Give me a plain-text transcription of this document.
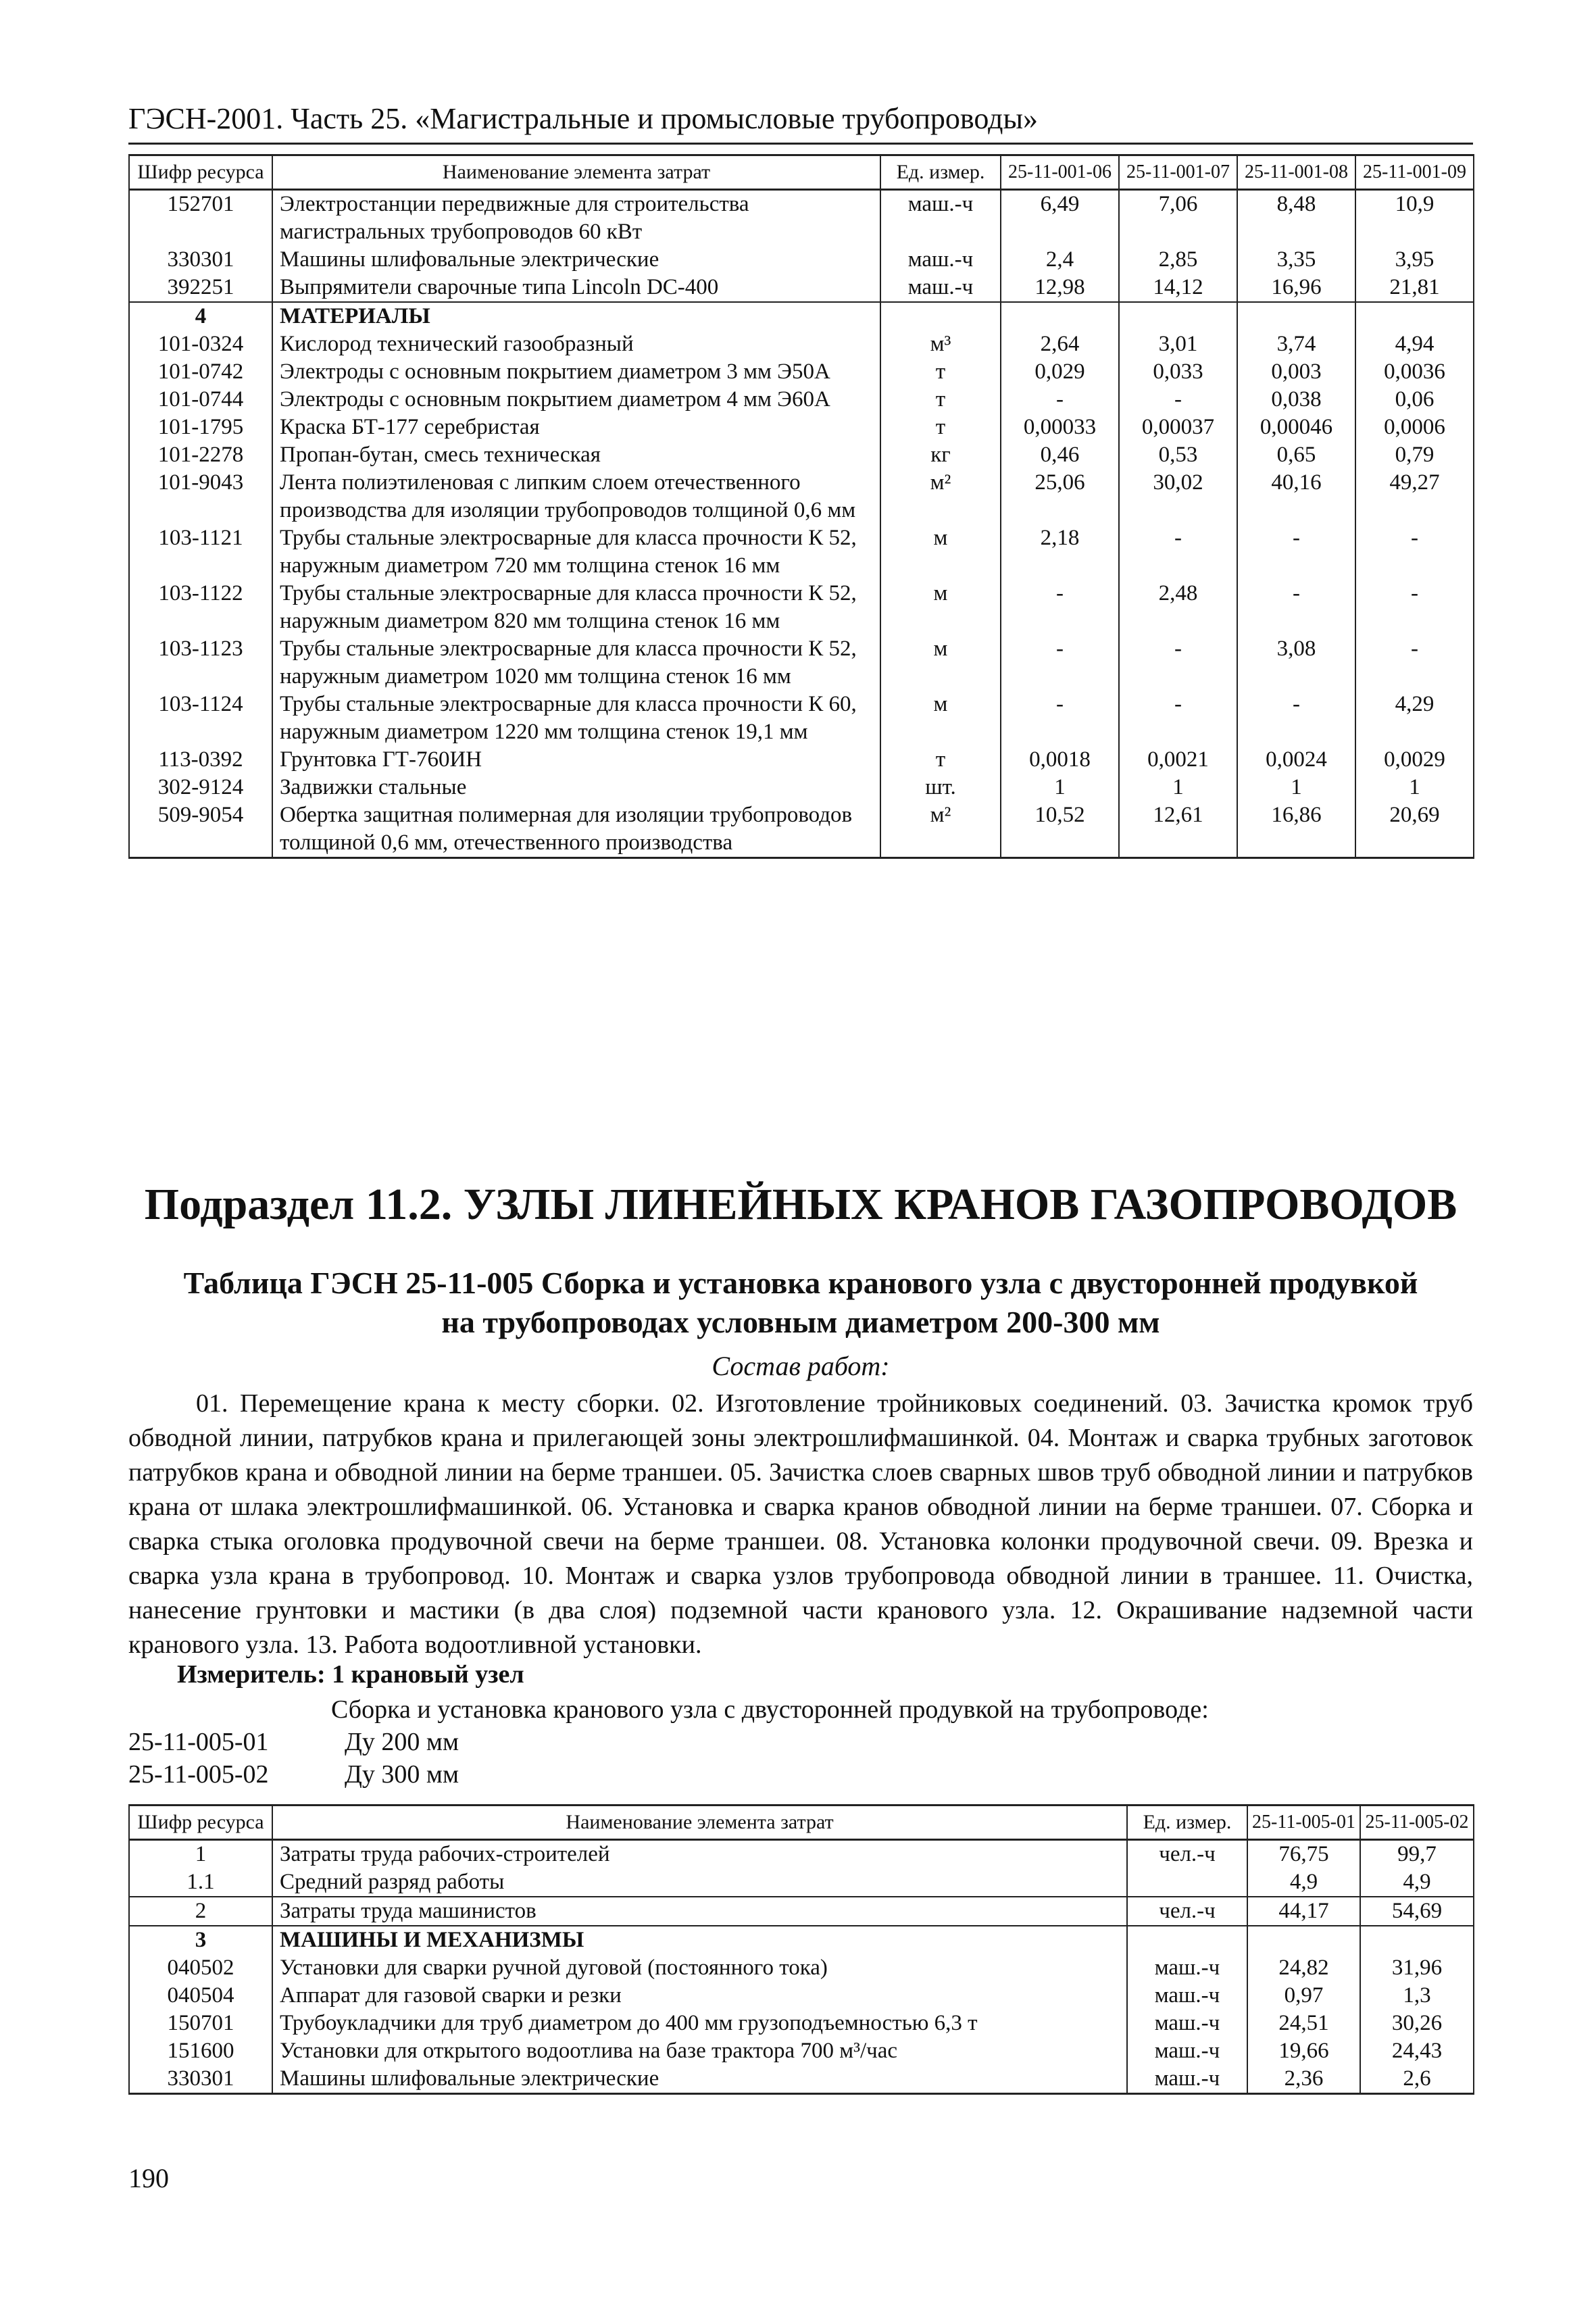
ГЭСН-2001. Часть 25. «Магистральные и промысловые трубопроводы»
Шифр ресурса	Наименование элемента затрат	Ед. измер.	25-11-001-06	25-11-001-07	25-11-001-08	25-11-001-09
152701	Электростанции передвижные для строительства магистральных трубопроводов 60 кВт	маш.-ч	6,49	7,06	8,48	10,9
330301	Машины шлифовальные электрические	маш.-ч	2,4	2,85	3,35	3,95
392251	Выпрямители сварочные типа Lincoln DC-400	маш.-ч	12,98	14,12	16,96	21,81
4	МАТЕРИАЛЫ					
101-0324	Кислород технический газообразный	м³	2,64	3,01	3,74	4,94
101-0742	Электроды с основным покрытием диаметром 3 мм Э50А	т	0,029	0,033	0,003	0,0036
101-0744	Электроды с основным покрытием диаметром 4 мм Э60А	т	-	-	0,038	0,06
101-1795	Краска БТ-177 серебристая	т	0,00033	0,00037	0,00046	0,0006
101-2278	Пропан-бутан, смесь техническая	кг	0,46	0,53	0,65	0,79
101-9043	Лента полиэтиленовая с липким слоем отечественного производства для изоляции трубопроводов толщиной 0,6 мм	м²	25,06	30,02	40,16	49,27
103-1121	Трубы стальные электросварные для класса прочности К 52, наружным диаметром 720 мм толщина стенок 16 мм	м	2,18	-	-	-
103-1122	Трубы стальные электросварные для класса прочности К 52, наружным диаметром 820 мм толщина стенок 16 мм	м	-	2,48	-	-
103-1123	Трубы стальные электросварные для класса прочности К 52, наружным диаметром 1020 мм толщина стенок 16 мм	м	-	-	3,08	-
103-1124	Трубы стальные электросварные для класса прочности К 60, наружным диаметром 1220 мм толщина стенок 19,1 мм	м	-	-	-	4,29
113-0392	Грунтовка ГТ-760ИН	т	0,0018	0,0021	0,0024	0,0029
302-9124	Задвижки стальные	шт.	1	1	1	1
509-9054	Обертка защитная полимерная для изоляции трубопроводов толщиной 0,6 мм, отечественного производства	м²	10,52	12,61	16,86	20,69
Подраздел 11.2. УЗЛЫ ЛИНЕЙНЫХ КРАНОВ ГАЗОПРОВОДОВ
Таблица ГЭСН 25-11-005 Сборка и установка кранового узла с двусторонней продувкой
на трубопроводах условным диаметром 200-300 мм
Состав работ:
01. Перемещение крана к месту сборки. 02. Изготовление тройниковых соединений. 03. Зачистка кромок труб обводной линии, патрубков крана и прилегающей зоны электрошлифмашинкой. 04. Монтаж и сварка трубных заготовок патрубков крана и обводной линии на берме траншеи. 05. Зачистка слоев сварных швов труб обводной линии и патрубков крана от шлака электрошлифмашинкой. 06. Установка и сварка кранов обводной линии на берме траншеи. 07. Сборка и сварка стыка оголовка продувочной свечи на берме траншеи. 08. Установка колонки продувочной свечи. 09. Врезка и сварка узла крана в трубопровод. 10. Монтаж и сварка узлов трубопровода обводной линии в траншее. 11. Очистка, нанесение грунтовки и мастики (в два слоя) подземной части кранового узла. 12. Окрашивание надземной части кранового узла. 13. Работа водоотливной установки.
Измеритель: 1 крановый узел
Сборка и установка кранового узла с двусторонней продувкой на трубопроводе:
25-11-005-01	Ду 200 мм
25-11-005-02	Ду 300 мм
Шифр ресурса	Наименование элемента затрат	Ед. измер.	25-11-005-01	25-11-005-02
1	Затраты труда рабочих-строителей	чел.-ч	76,75	99,7
1.1	Средний разряд работы		4,9	4,9
2	Затраты труда машинистов	чел.-ч	44,17	54,69
3	МАШИНЫ И МЕХАНИЗМЫ			
040502	Установки для сварки ручной дуговой (постоянного тока)	маш.-ч	24,82	31,96
040504	Аппарат для газовой сварки и резки	маш.-ч	0,97	1,3
150701	Трубоукладчики для труб диаметром до 400 мм грузоподъемностью 6,3 т	маш.-ч	24,51	30,26
151600	Установки для открытого водоотлива на базе трактора 700 м³/час	маш.-ч	19,66	24,43
330301	Машины шлифовальные электрические	маш.-ч	2,36	2,6
190
